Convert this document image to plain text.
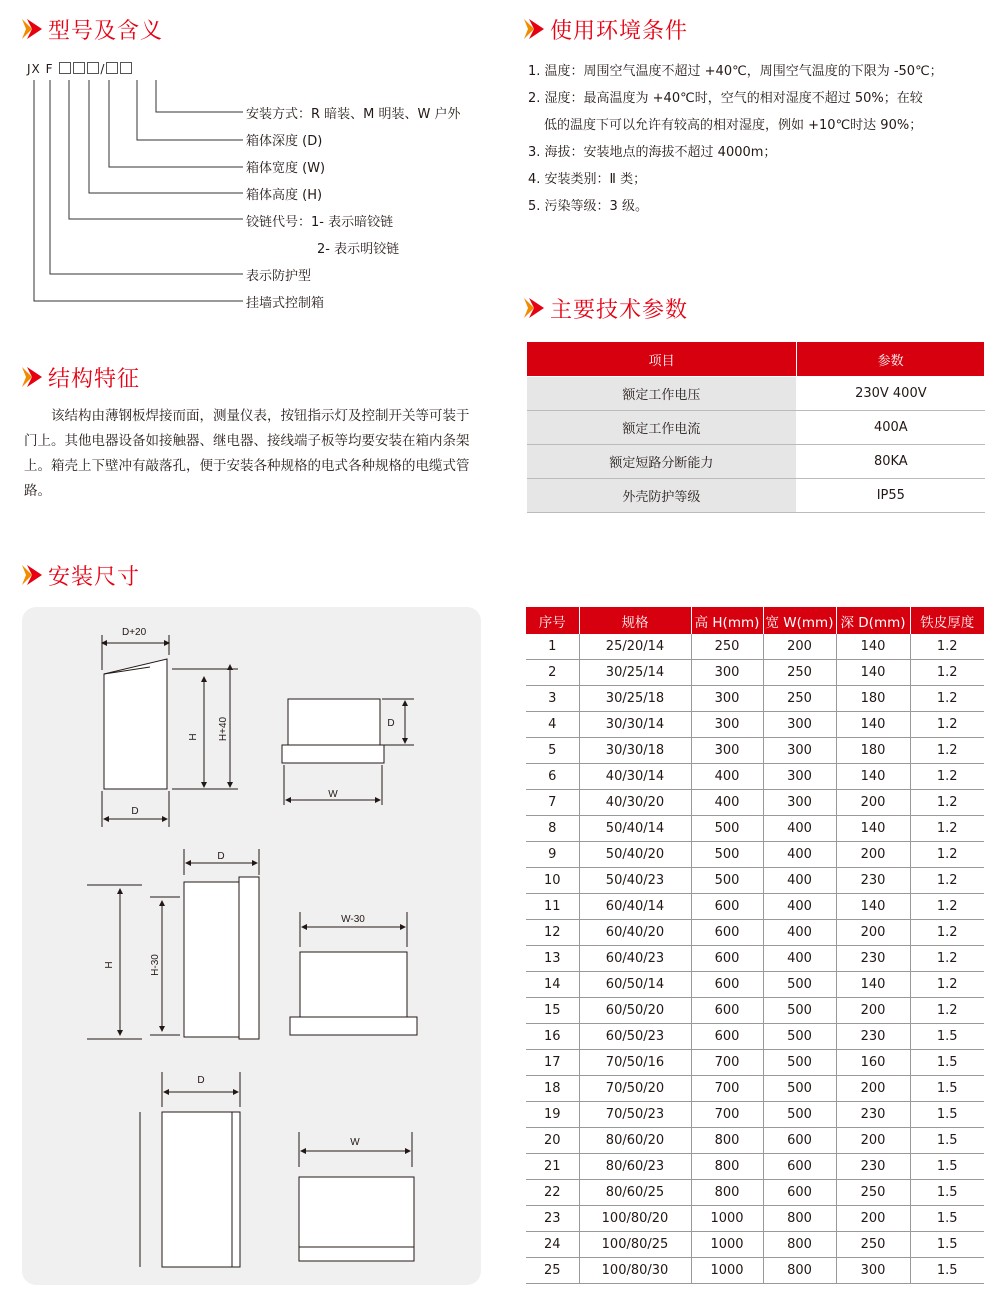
型号及含义
JX F	/
安装方式：R 暗装、M 明装、W 户外
箱体深度 (D)
箱体宽度 (W)
箱体高度 (H)
铰链代号：1- 表示暗铰链
2- 表示明铰链
表示防护型
挂墙式控制箱
使用环境条件

1. 温度：周围空气温度不超过 +40℃，周围空气温度的下限为 -50℃；

2. 湿度：最高温度为 +40℃时，空气的相对湿度不超过 50%；在较

低的温度下可以允许有较高的相对湿度，例如 +10℃时达 90%；

3. 海拔：安装地点的海拔不超过 4000m；

4. 安装类别：Ⅱ 类；

5. 污染等级：3 级。

主要技术参数
项目	参数
额定工作电压	230V 400V
额定工作电流	400A
额定短路分断能力	80KA
外壳防护等级	IP55
结构特征

该结构由薄钢板焊接而面，测量仪表，按钮指示灯及控制开关等可装于门上。其他电器设备如接触器、继电器、接线端子板等均要安装在箱内条架上。箱壳上下壁冲有敲落孔，便于安装各种规格的电式各种规格的电缆式管路。

安装尺寸
D+20
H H+40
D
D
W
D
H	H-30
W-30
D
W
序号	规格	高 H(mm)	宽 W(mm)	深 D(mm)	铁皮厚度
1	25/20/14	250	200	140	1.2
2	30/25/14	300	250	140	1.2
3	30/25/18	300	250	180	1.2
4	30/30/14	300	300	140	1.2
5	30/30/18	300	300	180	1.2
6	40/30/14	400	300	140	1.2
7	40/30/20	400	300	200	1.2
8	50/40/14	500	400	140	1.2
9	50/40/20	500	400	200	1.2
10	50/40/23	500	400	230	1.2
11	60/40/14	600	400	140	1.2
12	60/40/20	600	400	200	1.2
13	60/40/23	600	400	230	1.2
14	60/50/14	600	500	140	1.2
15	60/50/20	600	500	200	1.2
16	60/50/23	600	500	230	1.5
17	70/50/16	700	500	160	1.5
18	70/50/20	700	500	200	1.5
19	70/50/23	700	500	230	1.5
20	80/60/20	800	600	200	1.5
21	80/60/23	800	600	230	1.5
22	80/60/25	800	600	250	1.5
23	100/80/20	1000	800	200	1.5
24	100/80/25	1000	800	250	1.5
25	100/80/30	1000	800	300	1.5
